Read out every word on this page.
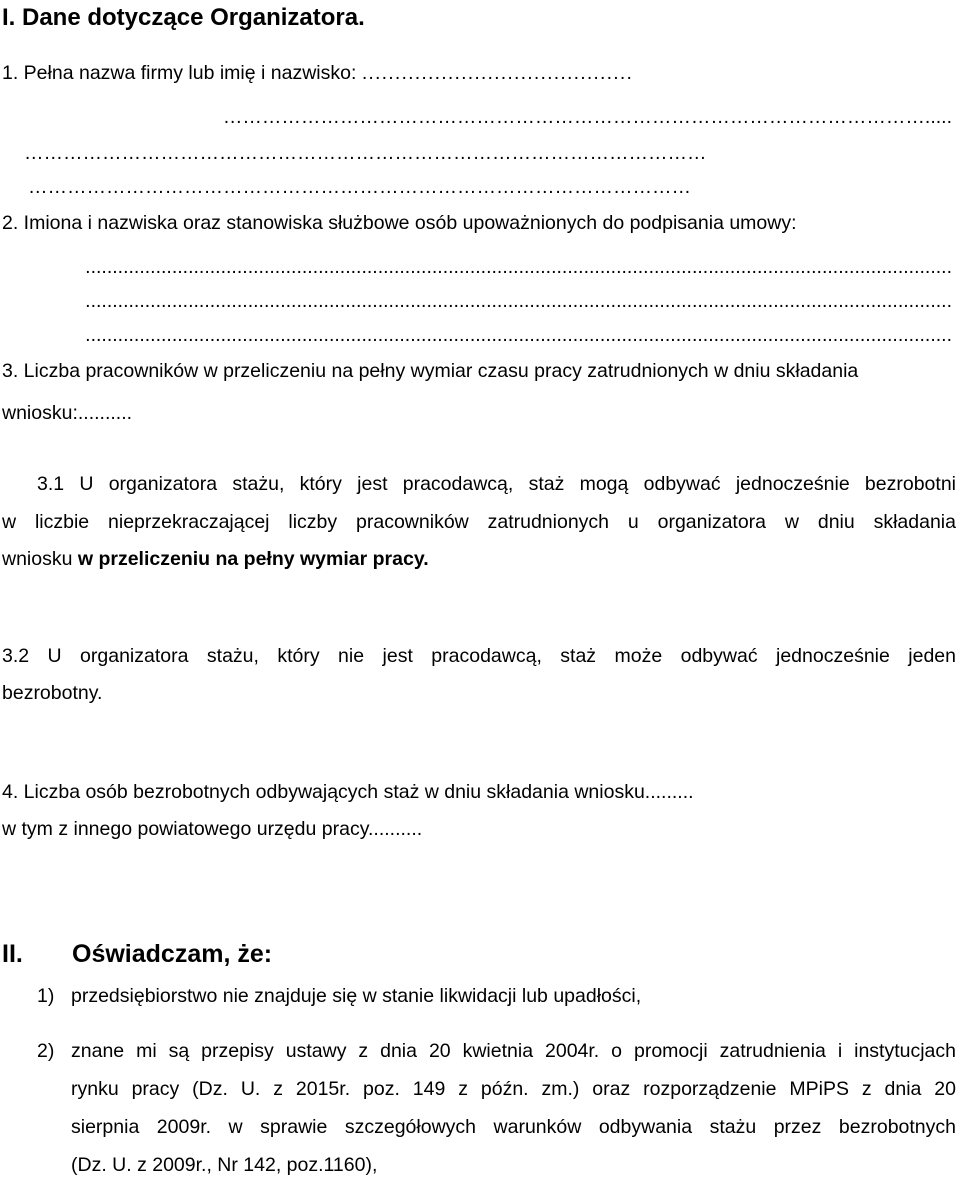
I. Dane dotyczące Organizatora.
1. Pełna nazwa firmy lub imię i nazwisko: .........................................
……………………………………………………………………………………………….....
……………………………………………………………………………………………
…………………………………………………………………………………………
2. Imiona i nazwiska oraz stanowiska służbowe osób upoważnionych do podpisania umowy:
................................................................................................................................................................
................................................................................................................................................................
................................................................................................................................................................
3. Liczba pracowników w przeliczeniu na pełny wymiar czasu pracy zatrudnionych w dniu składania
wniosku:..........
3.1 U organizatora stażu, który jest pracodawcą, staż mogą odbywać jednocześnie bezrobotni
w liczbie nieprzekraczającej liczby pracowników zatrudnionych u organizatora w dniu składania
wniosku w przeliczeniu na pełny wymiar pracy.
3.2 U organizatora stażu, który nie jest pracodawcą, staż może odbywać jednocześnie jeden
bezrobotny.
4. Liczba osób bezrobotnych odbywających staż w dniu składania wniosku.........
w tym z innego powiatowego urzędu pracy..........
II. Oświadczam, że:
1) przedsiębiorstwo nie znajduje się w stanie likwidacji lub upadłości,
2) znane mi są przepisy ustawy z dnia 20 kwietnia 2004r. o promocji zatrudnienia i instytucjach
rynku pracy (Dz. U. z 2015r. poz. 149 z późn. zm.) oraz rozporządzenie MPiPS z dnia 20
sierpnia 2009r. w sprawie szczegółowych warunków odbywania stażu przez bezrobotnych
(Dz. U. z 2009r., Nr 142, poz.1160),
